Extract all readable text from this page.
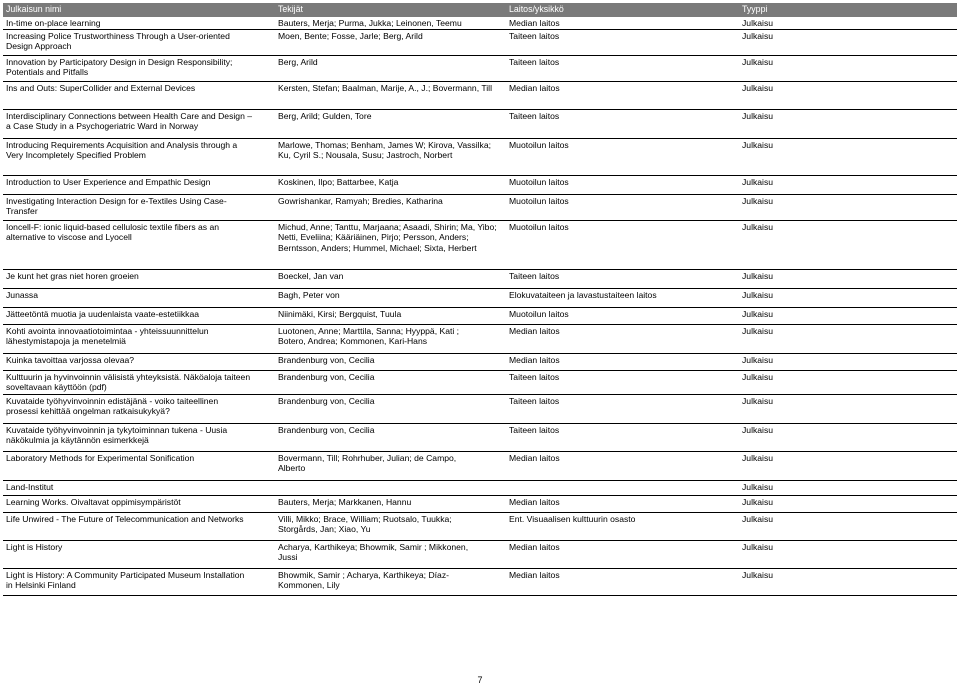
Julkaisun nimi	Tekijät	Laitos/yksikkö	Tyyppi

In-time on-place learning	Bauters, Merja; Purma, Jukka; Leinonen, Teemu	Median laitos	Julkaisu

Increasing Police Trustworthiness Through a User-oriented Design Approach	Moen, Bente; Fosse, Jarle; Berg, Arild	Taiteen laitos	Julkaisu

Innovation by Participatory Design in Design Responsibility; Potentials and Pitfalls	Berg, Arild	Taiteen laitos	Julkaisu

Ins and Outs: SuperCollider and External Devices	Kersten, Stefan; Baalman, Marije, A., J.; Bovermann, Till	Median laitos	Julkaisu

Interdisciplinary Connections between Health Care and Design – a Case Study in a Psychogeriatric Ward in Norway	Berg, Arild; Gulden, Tore	Taiteen laitos	Julkaisu

Introducing Requirements Acquisition and Analysis through a Very Incompletely Specified Problem	Marlowe, Thomas; Benham, James W; Kirova, Vassilka; Ku, Cyril S.; Nousala, Susu; Jastroch, Norbert	Muotoilun laitos	Julkaisu

Introduction to User Experience and Empathic Design	Koskinen, Ilpo; Battarbee, Katja	Muotoilun laitos	Julkaisu

Investigating Interaction Design for e-Textiles Using Case-Transfer	Gowrishankar, Ramyah; Bredies, Katharina	Muotoilun laitos	Julkaisu

Ioncell-F: ionic liquid-based cellulosic textile fibers as an alternative to viscose and Lyocell	Michud, Anne; Tanttu, Marjaana; Asaadi, Shirin; Ma, Yibo; Netti, Eveliina; Kääriäinen, Pirjo; Persson, Anders; Berntsson, Anders; Hummel, Michael; Sixta, Herbert	Muotoilun laitos	Julkaisu

Je kunt het gras niet horen groeien	Boeckel, Jan van	Taiteen laitos	Julkaisu

Junassa	Bagh, Peter von	Elokuvataiteen ja lavastustaiteen laitos	Julkaisu

Jätteetöntä muotia ja uudenlaista vaate-estetiikkaa	Niinimäki, Kirsi; Bergquist, Tuula	Muotoilun laitos	Julkaisu

Kohti avointa innovaatiotoimintaa - yhteissuunnittelun lähestymistapoja ja menetelmiä	Luotonen, Anne; Marttila, Sanna; Hyyppä, Kati ; Botero, Andrea; Kommonen, Kari-Hans	Median laitos	Julkaisu

Kuinka tavoittaa varjossa olevaa?	Brandenburg von, Cecilia	Median laitos	Julkaisu

Kulttuurin ja hyvinvoinnin välisistä yhteyksistä. Näköaloja taiteen soveltavaan käyttöön (pdf)	Brandenburg von, Cecilia	Taiteen laitos	Julkaisu

Kuvataide työhyvinvoinnin edistäjänä - voiko taiteellinen prosessi kehittää ongelman ratkaisukykyä?	Brandenburg von, Cecilia	Taiteen laitos	Julkaisu

Kuvataide työhyvinvoinnin ja tykytoiminnan tukena - Uusia näkökulmia ja käytännön esimerkkejä	Brandenburg von, Cecilia	Taiteen laitos	Julkaisu

Laboratory Methods for Experimental Sonification	Bovermann, Till; Rohrhuber, Julian; de Campo, Alberto	Median laitos	Julkaisu

Land-Institut			Julkaisu

Learning Works. Oivaltavat oppimisympäristöt	Bauters, Merja; Markkanen, Hannu	Median laitos	Julkaisu

Life Unwired - The Future of Telecommunication and Networks	Villi, Mikko; Brace, William; Ruotsalo, Tuukka; Storgårds, Jan; Xiao, Yu	Ent. Visuaalisen kulttuurin osasto	Julkaisu

Light is History	Acharya, Karthikeya; Bhowmik, Samir ; Mikkonen, Jussi	Median laitos	Julkaisu

Light is History: A Community Participated Museum Installation in Helsinki Finland	Bhowmik, Samir ; Acharya, Karthikeya; Díaz-Kommonen, Lily	Median laitos	Julkaisu
7
